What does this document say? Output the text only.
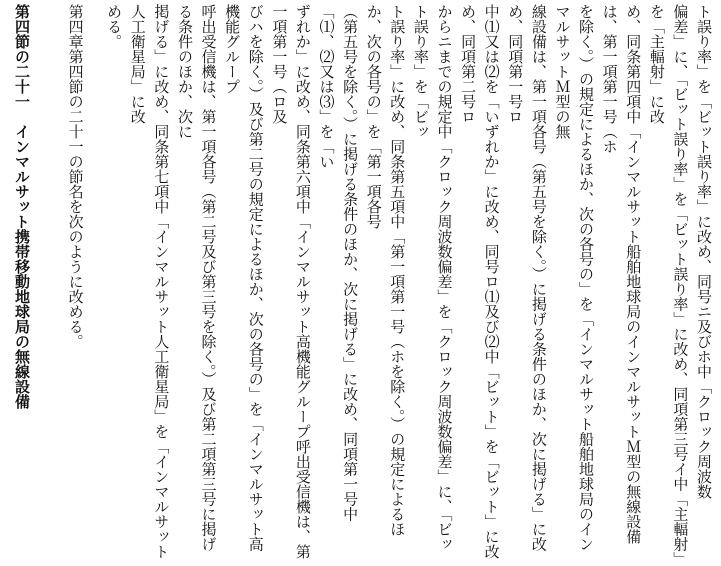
ト誤り率」を「ビット誤り率」に改め、同号ニ及びホ中「クロック周波数
偏差」に、「ビット誤り率」を「ビット誤り率」に改め、同項第三号イ中「主輻射」を「主輻射」に改
め、同条第四項中「インマルサット船舶地球局のインマルサットＭ型の無線設備は、第一項第一号（ホ
を除く。）の規定によるほか、次の各号の」を「インマルサット船舶地球局のインマルサットＭ型の無
線設備は、第一項各号（第五号を除く。）に掲げる条件のほか、次に掲げる」に改め、同項第一号ロ
中⑴又は⑵を「いずれか」に改め、同号ロ⑴及び⑵中「ビット」を「ビット」に改め、同項第二号ロ
からニまでの規定中「クロック周波数偏差」を「クロック周波数偏差」に、「ビット誤り率」を「ビッ
ト誤り率」に改め、同条第五項中「第一項第一号（ホを除く。）の規定によるほか、次の各号の」を「第一項各号
（第五号を除く。）に掲げる条件のほか、次に掲げる」に改め、同項第一号中「⑴、⑵又は⑶」を「い
ずれか」に改め、同条第六項中「インマルサット高機能グループ呼出受信機は、第一項第一号（ロ及
びハを除く。）及び第二号の規定によるほか、次の各号の」を「インマルサット高機能グループ
呼出受信機は、第一項各号（第二号及び第三号を除く。）及び第二項第三号に掲げる条件のほか、次に
掲げる」に改め、同条第七項中「インマルサット人工衛星局」を「インマルサット人工衛星局」に改
める。
第四章第四節の二十一の節名を次のように改める。
第四節の二十一　インマルサット携帯移動地球局の無線設備
